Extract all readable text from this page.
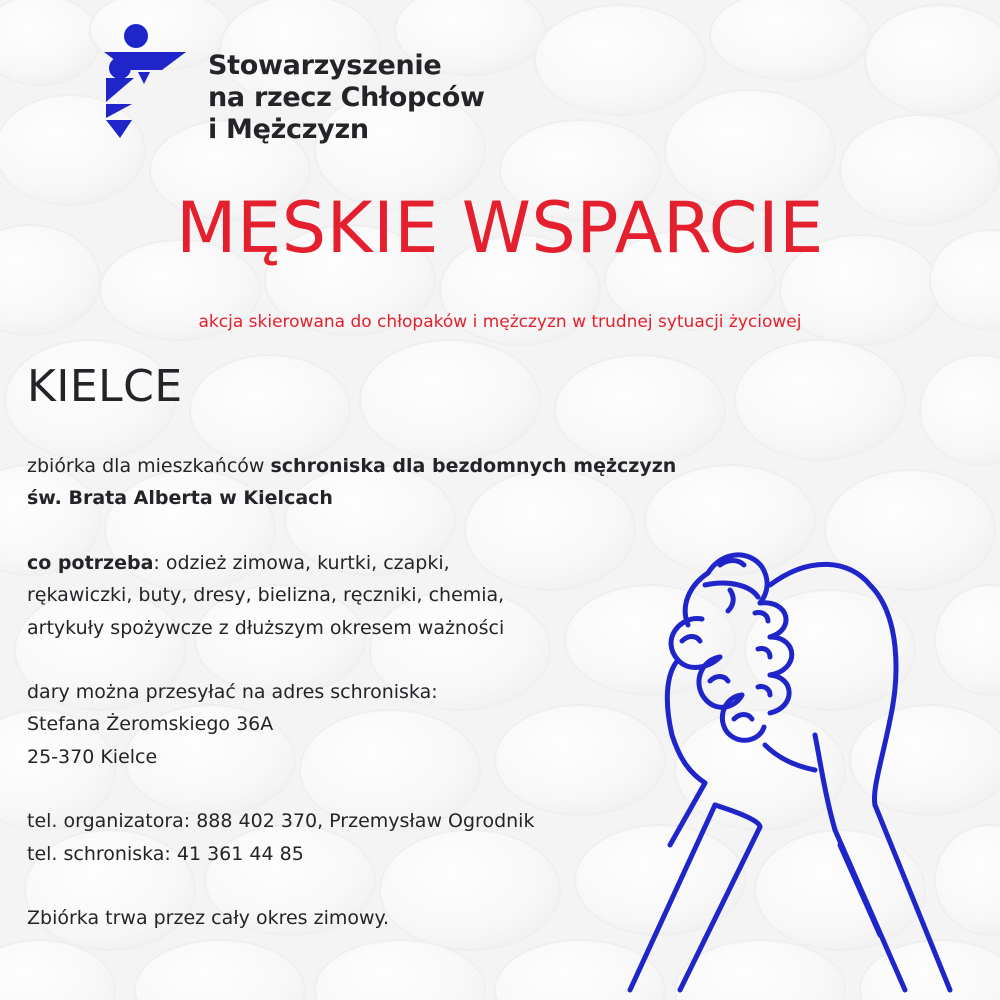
Stowarzyszenie
na rzecz Chłopców
i Mężczyzn
MĘSKIE WSPARCIE
akcja skierowana do chłopaków i mężczyzn w trudnej sytuacji życiowej
KIELCE

zbiórka dla mieszkańców schroniska dla bezdomnych mężczyzn

św. Brata Alberta w Kielcach

co potrzeba: odzież zimowa, kurtki, czapki,

rękawiczki, buty, dresy, bielizna, ręczniki, chemia,

artykuły spożywcze z dłuższym okresem ważności

dary można przesyłać na adres schroniska:

Stefana Żeromskiego 36A

25-370 Kielce

tel. organizatora: 888 402 370, Przemysław Ogrodnik

tel. schroniska: 41 361 44 85

Zbiórka trwa przez cały okres zimowy.
